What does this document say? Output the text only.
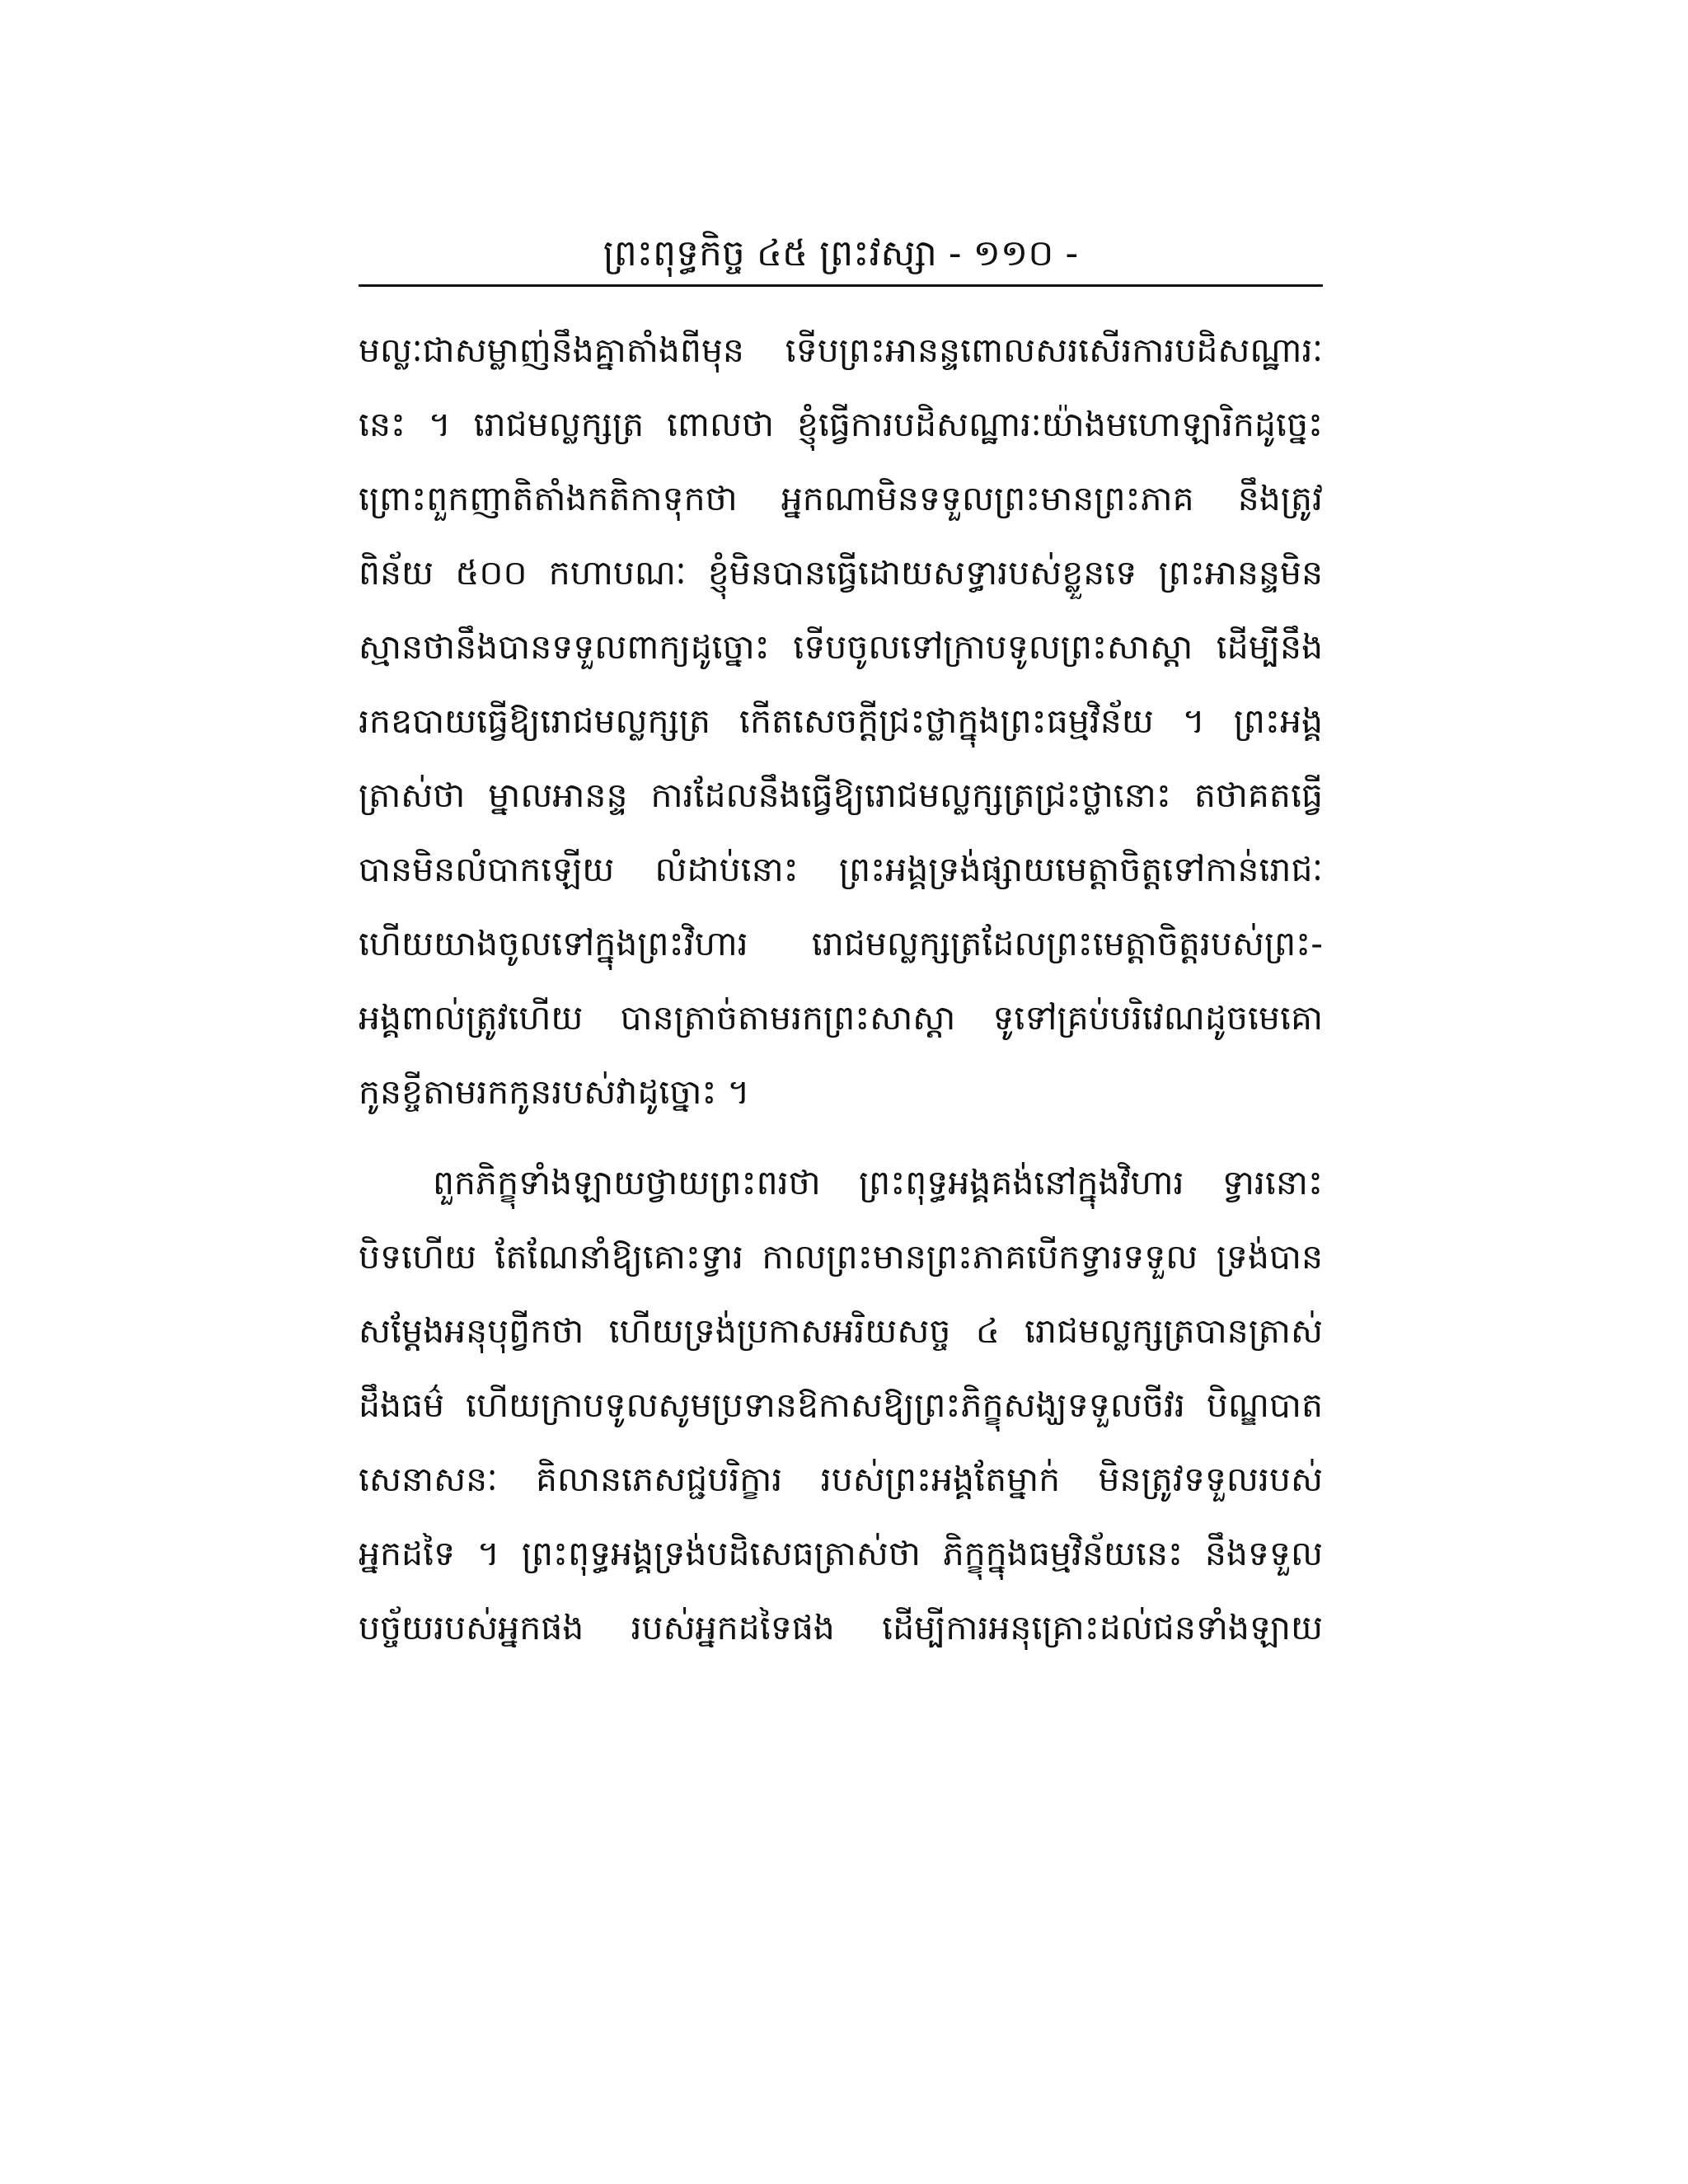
ព្រះពុទ្ធកិច្ច ៤៥ ព្រះវស្សា - ១១០ -
មល្លៈជាសម្លាញ់នឹងគ្នាតាំងពីមុន ទើបព្រះអានន្ទពោលសរសើរការបដិសណ្ឋារៈ
នេះ ។ រោជមល្លក្សត្រ ពោលថា ខ្ញុំធ្វើការបដិសណ្ឋារៈយ៉ាងមហោឡារិកដូច្នេះ
ព្រោះពួកញាតិតាំងកតិកាទុកថា អ្នកណាមិនទទួលព្រះមានព្រះភាគ នឹងត្រូវ
ពិន័យ ៥០០ កហាបណៈ ខ្ញុំមិនបានធ្វើដោយសទ្ធារបស់ខ្លួនទេ ព្រះអានន្ទមិន
ស្មានថានឹងបានទទួលពាក្យដូច្នោះ ទើបចូលទៅក្រាបទូលព្រះសាស្តា ដើម្បីនឹង
រកឧបាយធ្វើឱ្យរោជមល្លក្សត្រ កើតសេចក្តីជ្រះថ្លាក្នុងព្រះធម្មវិន័យ ។ ព្រះអង្គ
ត្រាស់ថា ម្នាលអានន្ទ ការដែលនឹងធ្វើឱ្យរោជមល្លក្សត្រជ្រះថ្លានោះ តថាគតធ្វើ
បានមិនលំបាកឡើយ លំដាប់នោះ ព្រះអង្គទ្រង់ផ្សាយមេត្តាចិត្តទៅកាន់រោជៈ
ហើយយាងចូលទៅក្នុងព្រះវិហារ រោជមល្លក្សត្រដែលព្រះមេត្តាចិត្តរបស់ព្រះ-
អង្គពាល់ត្រូវហើយ បានត្រាច់តាមរកព្រះសាស្តា ទូទៅគ្រប់បរិវេណដូចមេគោ
កូនខ្ចីតាមរកកូនរបស់វាដូច្នោះ ។
ពួកភិក្ខុទាំងឡាយថ្វាយព្រះពរថា ព្រះពុទ្ធអង្គគង់នៅក្នុងវិហារ ទ្វារនោះ
បិទហើយ តែណែនាំឱ្យគោះទ្វារ កាលព្រះមានព្រះភាគបើកទ្វារទទួល ទ្រង់បាន
សម្តែងអនុបុព្វីកថា ហើយទ្រង់ប្រកាសអរិយសច្ច ៤ រោជមល្លក្សត្របានត្រាស់
ដឹងធម៌ ហើយក្រាបទូលសូមប្រទានឱកាសឱ្យព្រះភិក្ខុសង្ឃទទួលចីវរ បិណ្ឌបាត
សេនាសនៈ គិលានភេសជ្ជបរិក្ខារ របស់ព្រះអង្គតែម្នាក់ មិនត្រូវទទួលរបស់
អ្នកដទៃ ។ ព្រះពុទ្ធអង្គទ្រង់បដិសេធត្រាស់ថា ភិក្ខុក្នុងធម្មវិន័យនេះ នឹងទទួល
បច្ច័យរបស់អ្នកផង របស់អ្នកដទៃផង ដើម្បីការអនុគ្រោះដល់ជនទាំងឡាយ
